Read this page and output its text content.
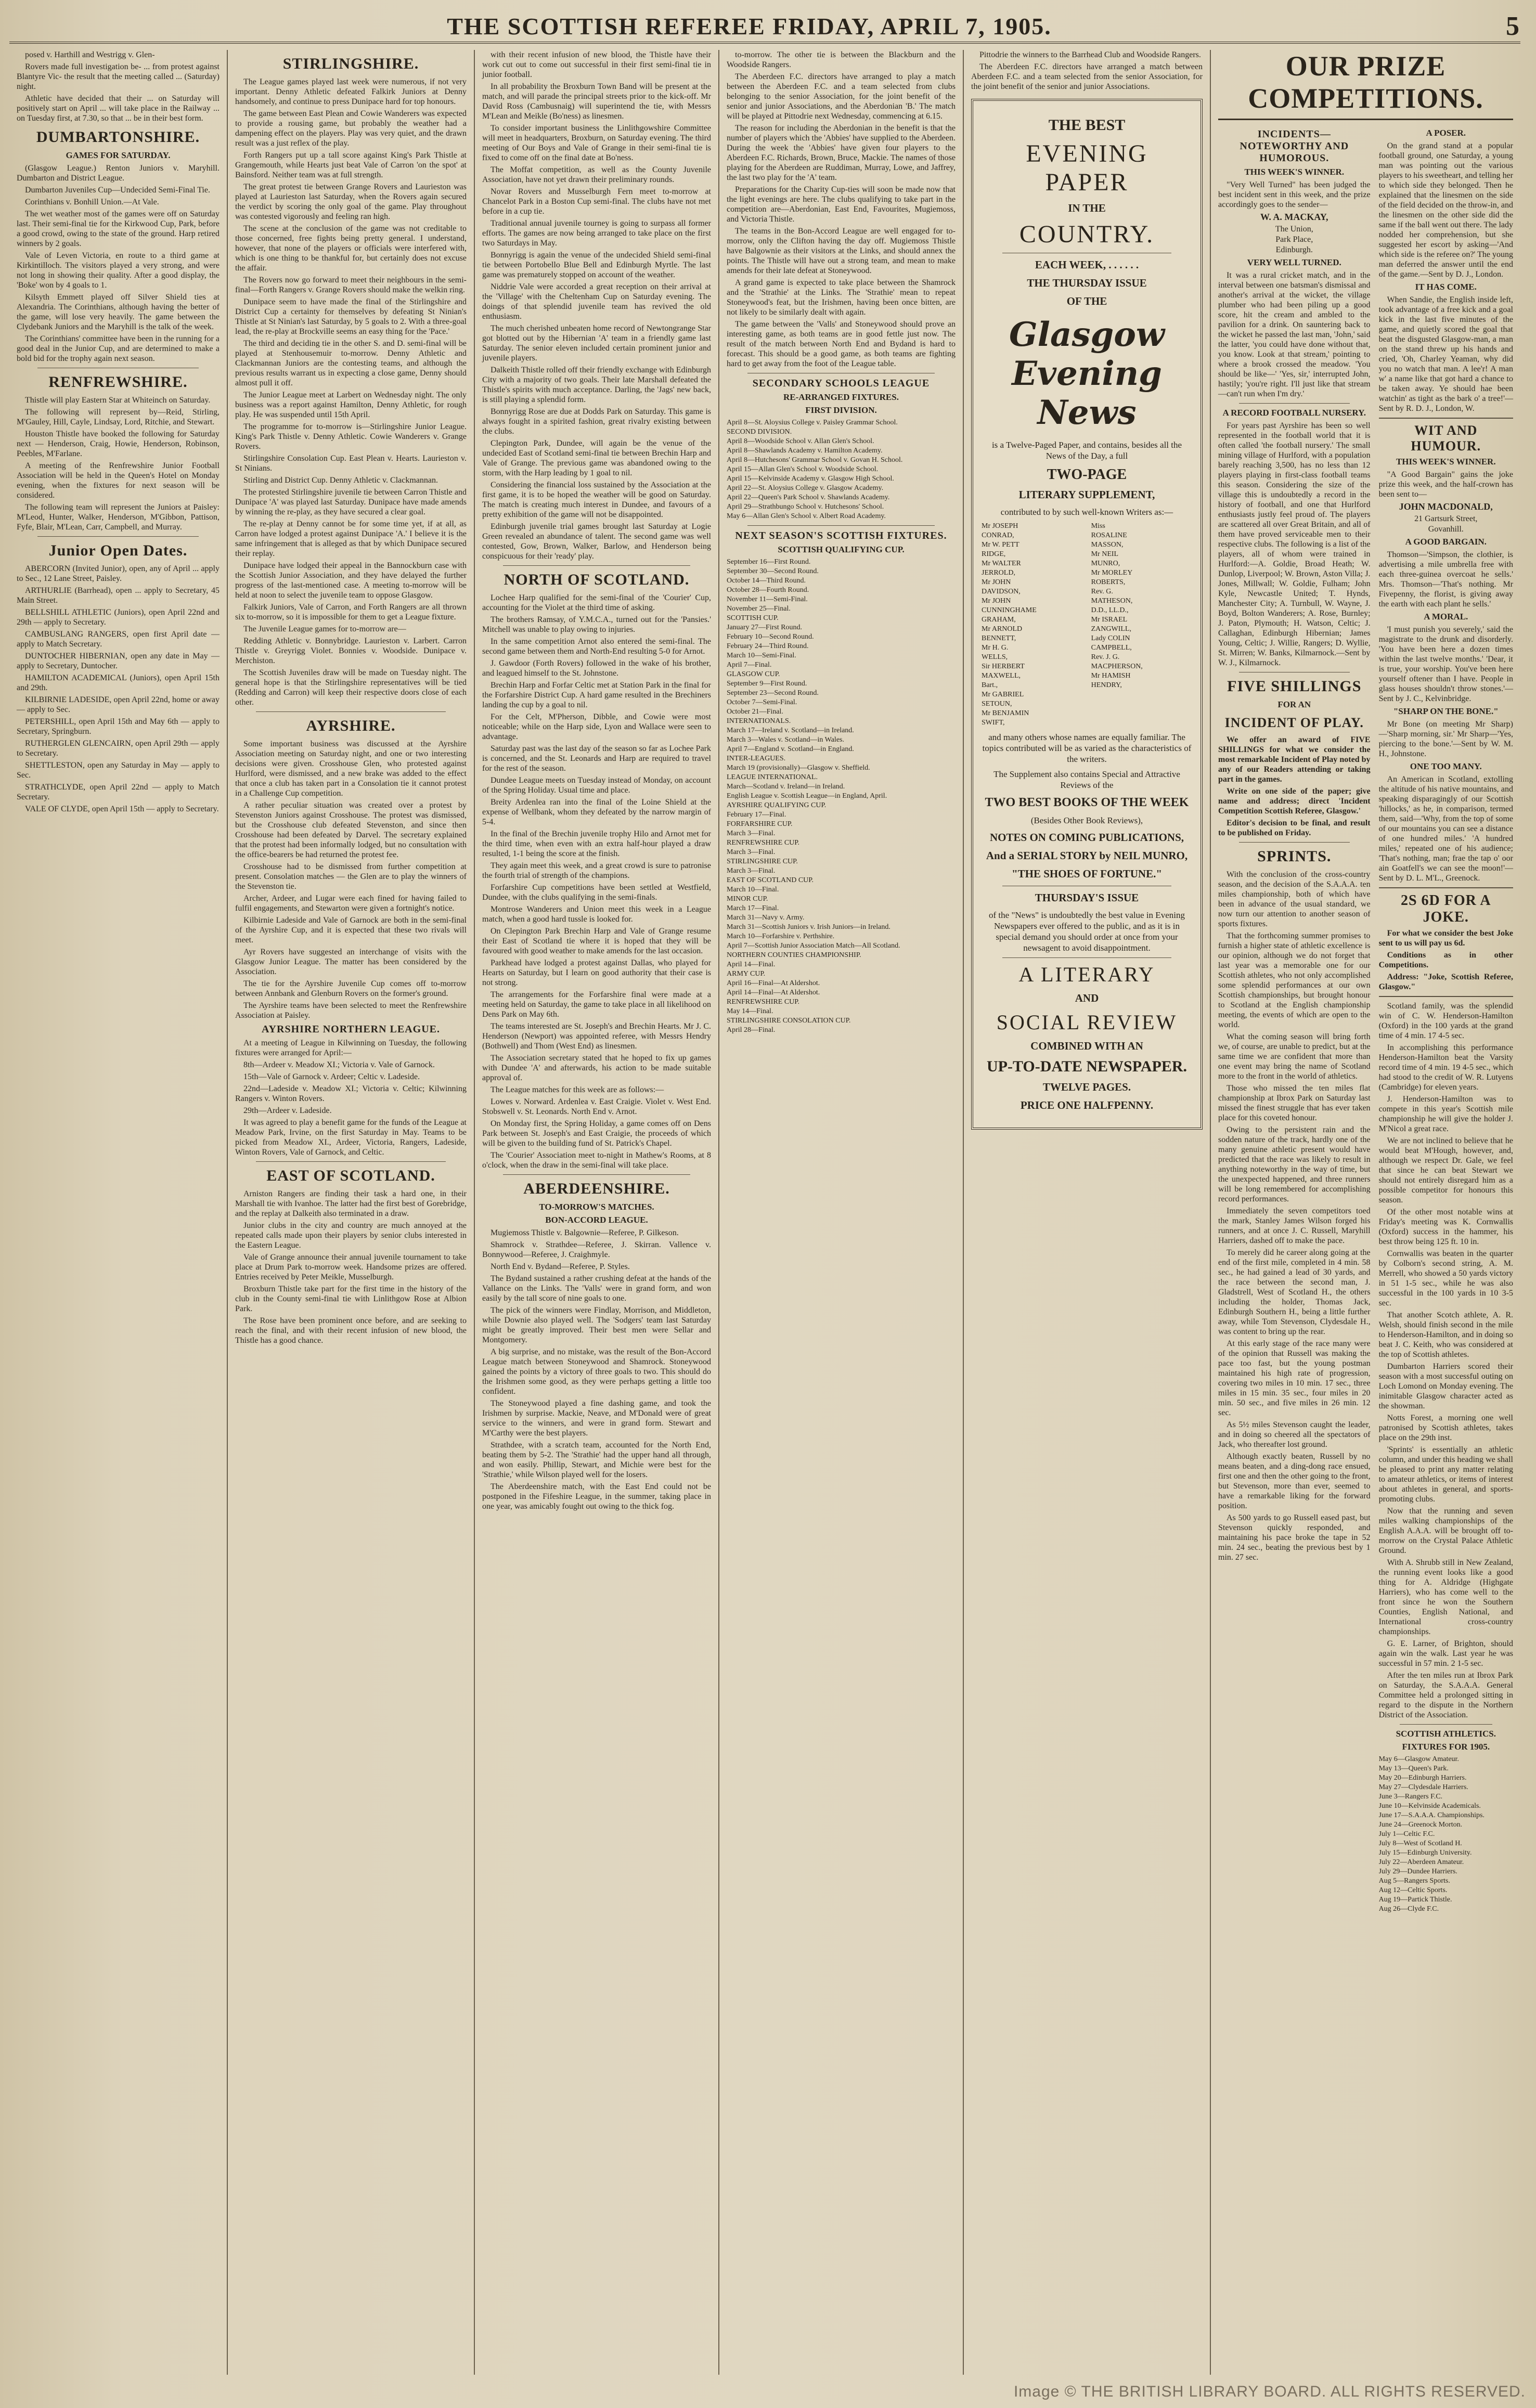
THE SCOTTISH REFEREE FRIDAY, APRIL 7, 1905.	5

posed v. Harthill and Westrigg v. Glen-

Rovers made full investigation be- ... from protest against Blantyre Vic- the result that the meeting called ... (Saturday) night.

Athletic have decided that their ... on Saturday will positively start on April ... will take place in the Railway ... on Tuesday first, at 7.30, so that ... be in their best form.

DUMBARTONSHIRE.
GAMES FOR SATURDAY.

(Glasgow League.) Renton Juniors v. Maryhill. Dumbarton and District League.

Dumbarton Juveniles Cup—Undecided Semi-Final Tie.

Corinthians v. Bonhill Union.—At Vale.

The wet weather most of the games were off on Saturday last. Their semi-final tie for the Kirkwood Cup, Park, before a good crowd, owing to the state of the ground. Harp retired winners by 2 goals.

Vale of Leven Victoria, en route to a third game at Kirkintilloch. The visitors played a very strong, and were not long in showing their quality. After a good display, the 'Boke' won by 4 goals to 1.

Kilsyth Emmett played off Silver Shield ties at Alexandria. The Corinthians, although having the better of the game, will lose very heavily. The game between the Clydebank Juniors and the Maryhill is the talk of the week.

The Corinthians' committee have been in the running for a good deal in the Junior Cup, and are determined to make a bold bid for the trophy again next season.

RENFREWSHIRE.

Thistle will play Eastern Star at Whiteinch on Saturday.

The following will represent by—Reid, Stirling, M'Gauley, Hill, Cayle, Lindsay, Lord, Ritchie, and Stewart.

Houston Thistle have booked the following for Saturday next — Henderson, Craig, Howie, Henderson, Robinson, Peebles, M'Farlane.

A meeting of the Renfrewshire Junior Football Association will be held in the Queen's Hotel on Monday evening, when the fixtures for next season will be considered.

The following team will represent the Juniors at Paisley: M'Leod, Hunter, Walker, Henderson, M'Gibbon, Pattison, Fyfe, Blair, M'Lean, Carr, Campbell, and Murray.

Junior Open Dates.

ABERCORN (Invited Junior), open, any of April ... apply to Sec., 12 Lane Street, Paisley.

ARTHURLIE (Barrhead), open ... apply to Secretary, 45 Main Street.

BELLSHILL ATHLETIC (Juniors), open April 22nd and 29th — apply to Secretary.

CAMBUSLANG RANGERS, open first April date — apply to Match Secretary.

DUNTOCHER HIBERNIAN, open any date in May — apply to Secretary, Duntocher.

HAMILTON ACADEMICAL (Juniors), open April 15th and 29th.

KILBIRNIE LADESIDE, open April 22nd, home or away — apply to Sec.

PETERSHILL, open April 15th and May 6th — apply to Secretary, Springburn.

RUTHERGLEN GLENCAIRN, open April 29th — apply to Secretary.

SHETTLESTON, open any Saturday in May — apply to Sec.

STRATHCLYDE, open April 22nd — apply to Match Secretary.

VALE OF CLYDE, open April 15th — apply to Secretary.

STIRLINGSHIRE.

The League games played last week were numerous, if not very important. Denny Athletic defeated Falkirk Juniors at Denny handsomely, and continue to press Dunipace hard for top honours.

The game between East Plean and Cowie Wanderers was expected to provide a rousing game, but probably the weather had a dampening effect on the players. Play was very quiet, and the drawn result was a just reflex of the play.

Forth Rangers put up a tall score against King's Park Thistle at Grangemouth, while Hearts just beat Vale of Carron 'on the spot' at Bainsford. Neither team was at full strength.

The great protest tie between Grange Rovers and Laurieston was played at Laurieston last Saturday, when the Rovers again secured the verdict by scoring the only goal of the game. Play throughout was contested vigorously and feeling ran high.

The scene at the conclusion of the game was not creditable to those concerned, free fights being pretty general. I understand, however, that none of the players or officials were interfered with, which is one thing to be thankful for, but certainly does not excuse the affair.

The Rovers now go forward to meet their neighbours in the semi-final—Forth Rangers v. Grange Rovers should make the welkin ring.

Dunipace seem to have made the final of the Stirlingshire and District Cup a certainty for themselves by defeating St Ninian's Thistle at St Ninian's last Saturday, by 5 goals to 2. With a three-goal lead, the re-play at Brockville seems an easy thing for the 'Pace.'

The third and deciding tie in the other S. and D. semi-final will be played at Stenhousemuir to-morrow. Denny Athletic and Clackmannan Juniors are the contesting teams, and although the previous results warrant us in expecting a close game, Denny should almost pull it off.

The Junior League meet at Larbert on Wednesday night. The only business was a report against Hamilton, Denny Athletic, for rough play. He was suspended until 15th April.

The programme for to-morrow is—Stirlingshire Junior League. King's Park Thistle v. Denny Athletic. Cowie Wanderers v. Grange Rovers.

Stirlingshire Consolation Cup. East Plean v. Hearts. Laurieston v. St Ninians.

Stirling and District Cup. Denny Athletic v. Clackmannan.

The protested Stirlingshire juvenile tie between Carron Thistle and Dunipace 'A' was played last Saturday. Dunipace have made amends by winning the re-play, as they have secured a clear goal.

The re-play at Denny cannot be for some time yet, if at all, as Carron have lodged a protest against Dunipace 'A.' I believe it is the same infringement that is alleged as that by which Dunipace secured their replay.

Dunipace have lodged their appeal in the Bannockburn case with the Scottish Junior Association, and they have delayed the further progress of the last-mentioned case. A meeting to-morrow will be held at noon to select the juvenile team to oppose Glasgow.

Falkirk Juniors, Vale of Carron, and Forth Rangers are all thrown six to-morrow, so it is impossible for them to get a League fixture.

The Juvenile League games for to-morrow are—

Redding Athletic v. Bonnybridge. Laurieston v. Larbert. Carron Thistle v. Greyrigg Violet. Bonnies v. Woodside. Dunipace v. Merchiston.

The Scottish Juveniles draw will be made on Tuesday night. The general hope is that the Stirlingshire representatives will be tied (Redding and Carron) will keep their respective doors close of each other.

AYRSHIRE.

Some important business was discussed at the Ayrshire Association meeting on Saturday night, and one or two interesting decisions were given. Crosshouse Glen, who protested against Hurlford, were dismissed, and a new brake was added to the effect that once a club has taken part in a Consolation tie it cannot protest in a Challenge Cup competition.

A rather peculiar situation was created over a protest by Stevenston Juniors against Crosshouse. The protest was dismissed, but the Crosshouse club defeated Stevenston, and since then Crosshouse had been defeated by Darvel. The secretary explained that the protest had been informally lodged, but no consultation with the office-bearers be had returned the protest fee.

Crosshouse had to be dismissed from further competition at present. Consolation matches — the Glen are to play the winners of the Stevenston tie.

Archer, Ardeer, and Lugar were each fined for having failed to fulfil engagements, and Stewarton were given a fortnight's notice.

Kilbirnie Ladeside and Vale of Garnock are both in the semi-final of the Ayrshire Cup, and it is expected that these two rivals will meet.

Ayr Rovers have suggested an interchange of visits with the Glasgow Junior League. The matter has been considered by the Association.

The tie for the Ayrshire Juvenile Cup comes off to-morrow between Annbank and Glenburn Rovers on the former's ground.

The Ayrshire teams have been selected to meet the Renfrewshire Association at Paisley.

AYRSHIRE NORTHERN LEAGUE.

At a meeting of League in Kilwinning on Tuesday, the following fixtures were arranged for April:—

8th—Ardeer v. Meadow XI.; Victoria v. Vale of Garnock.

15th—Vale of Garnock v. Ardeer; Celtic v. Ladeside.

22nd—Ladeside v. Meadow XI.; Victoria v. Celtic; Kilwinning Rangers v. Winton Rovers.

29th—Ardeer v. Ladeside.

It was agreed to play a benefit game for the funds of the League at Meadow Park, Irvine, on the first Saturday in May. Teams to be picked from Meadow XI., Ardeer, Victoria, Rangers, Ladeside, Winton Rovers, Vale of Garnock, and Celtic.

EAST OF SCOTLAND.

Arniston Rangers are finding their task a hard one, in their Marshall tie with Ivanhoe. The latter had the first best of Gorebridge, and the replay at Dalkeith also terminated in a draw.

Junior clubs in the city and country are much annoyed at the repeated calls made upon their players by senior clubs interested in the Eastern League.

Vale of Grange announce their annual juvenile tournament to take place at Drum Park to-morrow week. Handsome prizes are offered. Entries received by Peter Meikle, Musselburgh.

Broxburn Thistle take part for the first time in the history of the club in the County semi-final tie with Linlithgow Rose at Albion Park.

The Rose have been prominent once before, and are seeking to reach the final, and with their recent infusion of new blood, the Thistle has a good chance.

with their recent infusion of new blood, the Thistle have their work cut out to come out successful in their first semi-final tie in junior football.

In all probability the Broxburn Town Band will be present at the match, and will parade the principal streets prior to the kick-off. Mr David Ross (Cambusnaig) will superintend the tie, with Messrs M'Lean and Meikle (Bo'ness) as linesmen.

To consider important business the Linlithgowshire Committee will meet in headquarters, Broxburn, on Saturday evening. The third meeting of Our Boys and Vale of Grange in their semi-final tie is fixed to come off on the final date at Bo'ness.

The Moffat competition, as well as the County Juvenile Association, have not yet drawn their preliminary rounds.

Novar Rovers and Musselburgh Fern meet to-morrow at Chancelot Park in a Boston Cup semi-final. The clubs have not met before in a cup tie.

Traditional annual juvenile tourney is going to surpass all former efforts. The games are now being arranged to take place on the first two Saturdays in May.

Bonnyrigg is again the venue of the undecided Shield semi-final tie between Portobello Blue Bell and Edinburgh Myrtle. The last game was prematurely stopped on account of the weather.

Niddrie Vale were accorded a great reception on their arrival at the 'Village' with the Cheltenham Cup on Saturday evening. The doings of that splendid juvenile team has revived the old enthusiasm.

The much cherished unbeaten home record of Newtongrange Star got blotted out by the Hibernian 'A' team in a friendly game last Saturday. The senior eleven included certain prominent junior and juvenile players.

Dalkeith Thistle rolled off their friendly exchange with Edinburgh City with a majority of two goals. Their late Marshall defeated the Thistle's spirits with much acceptance. Darling, the 'Jags' new back, is still playing a splendid form.

Bonnyrigg Rose are due at Dodds Park on Saturday. This game is always fought in a spirited fashion, great rivalry existing between the clubs.

Clepington Park, Dundee, will again be the venue of the undecided East of Scotland semi-final tie between Brechin Harp and Vale of Grange. The previous game was abandoned owing to the storm, with the Harp leading by 1 goal to nil.

Considering the financial loss sustained by the Association at the first game, it is to be hoped the weather will be good on Saturday. The match is creating much interest in Dundee, and favours of a pretty exhibition of the game will not be disappointed.

Edinburgh juvenile trial games brought last Saturday at Logie Green revealed an abundance of talent. The second game was well contested, Gow, Brown, Walker, Barlow, and Henderson being conspicuous for their 'ready' play.

NORTH OF SCOTLAND.

Lochee Harp qualified for the semi-final of the 'Courier' Cup, accounting for the Violet at the third time of asking.

The brothers Ramsay, of Y.M.C.A., turned out for the 'Pansies.' Mitchell was unable to play owing to injuries.

In the same competition Arnot also entered the semi-final. The second game between them and North-End resulting 5-0 for Arnot.

J. Gawdoor (Forth Rovers) followed in the wake of his brother, and leagued himself to the St. Johnstone.

Brechin Harp and Forfar Celtic met at Station Park in the final for the Forfarshire District Cup. A hard game resulted in the Brechiners landing the cup by a goal to nil.

For the Celt, M'Pherson, Dibble, and Cowie were most noticeable; while on the Harp side, Lyon and Wallace were seen to advantage.

Saturday past was the last day of the season so far as Lochee Park is concerned, and the St. Leonards and Harp are required to travel for the rest of the season.

Dundee League meets on Tuesday instead of Monday, on account of the Spring Holiday. Usual time and place.

Breity Ardenlea ran into the final of the Loine Shield at the expense of Wellbank, whom they defeated by the narrow margin of 5-4.

In the final of the Brechin juvenile trophy Hilo and Arnot met for the third time, when even with an extra half-hour played a draw resulted, 1-1 being the score at the finish.

They again meet this week, and a great crowd is sure to patronise the fourth trial of strength of the champions.

Forfarshire Cup competitions have been settled at Westfield, Dundee, with the clubs qualifying in the semi-finals.

Montrose Wanderers and Union meet this week in a League match, when a good hard tussle is looked for.

On Clepington Park Brechin Harp and Vale of Grange resume their East of Scotland tie where it is hoped that they will be favoured with good weather to make amends for the last occasion.

Parkhead have lodged a protest against Dallas, who played for Hearts on Saturday, but I learn on good authority that their case is not strong.

The arrangements for the Forfarshire final were made at a meeting held on Saturday, the game to take place in all likelihood on Dens Park on May 6th.

The teams interested are St. Joseph's and Brechin Hearts. Mr J. C. Henderson (Newport) was appointed referee, with Messrs Hendry (Bothwell) and Thom (West End) as linesmen.

The Association secretary stated that he hoped to fix up games with Dundee 'A' and afterwards, his action to be made suitable approval of.

The League matches for this week are as follows:—

Lowes v. Norward. Ardenlea v. East Craigie. Violet v. West End. Stobswell v. St. Leonards. North End v. Arnot.

On Monday first, the Spring Holiday, a game comes off on Dens Park between St. Joseph's and East Craigie, the proceeds of which will be given to the building fund of St. Patrick's Chapel.

The 'Courier' Association meet to-night in Mathew's Rooms, at 8 o'clock, when the draw in the semi-final will take place.

ABERDEENSHIRE.
TO-MORROW'S MATCHES.
BON-ACCORD LEAGUE.

Mugiemoss Thistle v. Balgownie—Referee, P. Gilkeson.

Shamrock v. Strathdee—Referee, J. Skirran. Vallence v. Bonnywood—Referee, J. Craighmyle.

North End v. Bydand—Referee, P. Styles.

The Bydand sustained a rather crushing defeat at the hands of the Vallance on the Links. The 'Valls' were in grand form, and won easily by the tall score of nine goals to one.

The pick of the winners were Findlay, Morrison, and Middleton, while Downie also played well. The 'Sodgers' team last Saturday might be greatly improved. Their best men were Sellar and Montgomery.

A big surprise, and no mistake, was the result of the Bon-Accord League match between Stoneywood and Shamrock. Stoneywood gained the points by a victory of three goals to two. This should do the Irishmen some good, as they were perhaps getting a little too confident.

The Stoneywood played a fine dashing game, and took the Irishmen by surprise. Mackie, Neave, and M'Donald were of great service to the winners, and were in grand form. Stewart and M'Carthy were the best players.

Strathdee, with a scratch team, accounted for the North End, beating them by 5-2. The 'Strathie' had the upper hand all through, and won easily. Phillip, Stewart, and Michie were best for the 'Strathie,' while Wilson played well for the losers.

The Aberdeenshire match, with the East End could not be postponed in the Fifeshire League, in the summer, taking place in one year, was amicably fought out owing to the thick fog.

to-morrow. The other tie is between the Blackburn and the Woodside Rangers.

The Aberdeen F.C. directors have arranged to play a match between the Aberdeen F.C. and a team selected from clubs belonging to the senior Association, for the joint benefit of the senior and junior Associations, and the Aberdonian 'B.' The match will be played at Pittodrie next Wednesday, commencing at 6.15.

The reason for including the Aberdonian in the benefit is that the number of players which the 'Abbies' have supplied to the Aberdeen. During the week the 'Abbies' have given four players to the Aberdeen F.C. Richards, Brown, Bruce, Mackie. The names of those playing for the Aberdeen are Ruddiman, Murray, Lowe, and Jaffrey, the last two play for the 'A' team.

Preparations for the Charity Cup-ties will soon be made now that the light evenings are here. The clubs qualifying to take part in the competition are—Aberdonian, East End, Favourites, Mugiemoss, and Victoria Thistle.

The teams in the Bon-Accord League are well engaged for to-morrow, only the Clifton having the day off. Mugiemoss Thistle have Balgownie as their visitors at the Links, and should annex the points. The Thistle will have out a strong team, and mean to make amends for their late defeat at Stoneywood.

A grand game is expected to take place between the Shamrock and the 'Strathie' at the Links. The 'Strathie' mean to repeat Stoneywood's feat, but the Irishmen, having been once bitten, are not likely to be similarly dealt with again.

The game between the 'Valls' and Stoneywood should prove an interesting game, as both teams are in good fettle just now. The result of the match between North End and Bydand is hard to forecast. This should be a good game, as both teams are fighting hard to get away from the foot of the League table.

SECONDARY SCHOOLS LEAGUE
RE-ARRANGED FIXTURES.
FIRST DIVISION.
April 8—St. Aloysius College v. Paisley Grammar School.
SECOND DIVISION.
April 8—Woodside School v. Allan Glen's School.
April 8—Shawlands Academy v. Hamilton Academy.
April 8—Hutchesons' Grammar School v. Govan H. School.
April 15—Allan Glen's School v. Woodside School.
April 15—Kelvinside Academy v. Glasgow High School.
April 22—St. Aloysius College v. Glasgow Academy.
April 22—Queen's Park School v. Shawlands Academy.
April 29—Strathbungo School v. Hutchesons' School.
May 6—Allan Glen's School v. Albert Road Academy.
NEXT SEASON'S SCOTTISH FIXTURES.
SCOTTISH QUALIFYING CUP.
September 16—First Round.
September 30—Second Round.
October 14—Third Round.
October 28—Fourth Round.
November 11—Semi-Final.
November 25—Final.
SCOTTISH CUP.
January 27—First Round.
February 10—Second Round.
February 24—Third Round.
March 10—Semi-Final.
April 7—Final.
GLASGOW CUP.
September 9—First Round.
September 23—Second Round.
October 7—Semi-Final.
October 21—Final.
INTERNATIONALS.
March 17—Ireland v. Scotland—in Ireland.
March 3—Wales v. Scotland—in Wales.
April 7—England v. Scotland—in England.
INTER-LEAGUES.
March 19 (provisionally)—Glasgow v. Sheffield.
LEAGUE INTERNATIONAL.
March—Scotland v. Ireland—in Ireland.
English League v. Scottish League—in England, April.
AYRSHIRE QUALIFYING CUP.
February 17—Final.
FORFARSHIRE CUP.
March 3—Final.
RENFREWSHIRE CUP.
March 3—Final.
STIRLINGSHIRE CUP.
March 3—Final.
EAST OF SCOTLAND CUP.
March 10—Final.
MINOR CUP.
March 17—Final.
March 31—Navy v. Army.
March 31—Scottish Juniors v. Irish Juniors—in Ireland.
March 10—Forfarshire v. Perthshire.
April 7—Scottish Junior Association Match—All Scotland.
NORTHERN COUNTIES CHAMPIONSHIP.
April 14—Final.
ARMY CUP.
April 16—Final—At Aldershot.
April 14—Final—At Aldershot.
RENFREWSHIRE CUP.
May 14—Final.
STIRLINGSHIRE CONSOLATION CUP.
April 28—Final.

Pittodrie the winners to the Barrhead Club and Woodside Rangers.

The Aberdeen F.C. directors have arranged a match between Aberdeen F.C. and a team selected from the senior Association, for the joint benefit of the senior and junior Associations.

THE BEST
EVENING PAPER
IN THE
COUNTRY.
EACH WEEK, . . . . . .
THE THURSDAY ISSUE
OF THE
Glasgow Evening News
is a Twelve-Paged Paper, and contains, besides all the News of the Day, a full
TWO-PAGE
LITERARY SUPPLEMENT,
contributed to by such well-known Writers as:—
Mr JOSEPH CONRAD,
Mr W. PETT RIDGE,
Mr WALTER JERROLD,
Mr JOHN DAVIDSON,
Mr JOHN CUNNINGHAME GRAHAM,
Mr ARNOLD BENNETT,
Mr H. G. WELLS,
Sir HERBERT MAXWELL, Bart.,
Mr GABRIEL SETOUN,
Mr BENJAMIN SWIFT,
Miss ROSALINE MASSON,
Mr NEIL MUNRO,
Mr MORLEY ROBERTS,
Rev. G. MATHESON, D.D., LL.D.,
Mr ISRAEL ZANGWILL,
Lady COLIN CAMPBELL,
Rev. J. G. MACPHERSON,
Mr HAMISH HENDRY,
and many others whose names are equally familiar. The topics contributed will be as varied as the characteristics of the writers.
The Supplement also contains Special and Attractive Reviews of the
TWO BEST BOOKS OF THE WEEK
(Besides Other Book Reviews),
NOTES ON COMING PUBLICATIONS,
And a SERIAL STORY by NEIL MUNRO,
"THE SHOES OF FORTUNE."
THURSDAY'S ISSUE
of the "News" is undoubtedly the best value in Evening Newspapers ever offered to the public, and as it is in special demand you should order at once from your newsagent to avoid disappointment.
A LITERARY
AND
SOCIAL REVIEW
COMBINED WITH AN
UP-TO-DATE NEWSPAPER.
TWELVE PAGES.
PRICE ONE HALFPENNY.
OUR PRIZE COMPETITIONS.
INCIDENTS—NOTEWORTHY AND HUMOROUS.
THIS WEEK'S WINNER.

"Very Well Turned" has been judged the best incident sent in this week, and the prize accordingly goes to the sender—

W. A. MACKAY,
The Union,
Park Place,
Edinburgh.
VERY WELL TURNED.

It was a rural cricket match, and in the interval between one batsman's dismissal and another's arrival at the wicket, the village plumber who had been piling up a good score, hit the cream and ambled to the pavilion for a drink. On sauntering back to the wicket he passed the last man, 'John,' said the latter, 'you could have done without that, you know. Look at that stream,' pointing to where a brook crossed the meadow. 'You should be like—' 'Yes, sir,' interrupted John, hastily; 'you're right. I'll just like that stream—can't run when I'm dry.'

A RECORD FOOTBALL NURSERY.

For years past Ayrshire has been so well represented in the football world that it is often called 'the football nursery.' The small mining village of Hurlford, with a population barely reaching 3,500, has no less than 12 players playing in first-class football teams this season. Considering the size of the village this is undoubtedly a record in the history of football, and one that Hurlford enthusiasts justly feel proud of. The players are scattered all over Great Britain, and all of them have proved serviceable men to their respective clubs. The following is a list of the players, all of whom were trained in Hurlford:—A. Goldie, Broad Heath; W. Dunlop, Liverpool; W. Brown, Aston Villa; J. Jones, Millwall; W. Goldie, Fulham; John Kyle, Newcastle United; T. Hynds, Manchester City; A. Turnbull, W. Wayne, J. Boyd, Bolton Wanderers; A. Rose, Burnley; J. Paton, Plymouth; H. Watson, Celtic; J. Callaghan, Edinburgh Hibernian; James Young, Celtic; J. Willie, Rangers; D. Wyllie, St. Mirren; W. Banks, Kilmarnock.—Sent by W. J., Kilmarnock.

FIVE SHILLINGS
FOR AN
INCIDENT OF PLAY.

We offer an award of FIVE SHILLINGS for what we consider the most remarkable Incident of Play noted by any of our Readers attending or taking part in the games.

Write on one side of the paper; give name and address; direct 'Incident Competition Scottish Referee, Glasgow.'

Editor's decision to be final, and result to be published on Friday.

SPRINTS.

With the conclusion of the cross-country season, and the decision of the S.A.A.A. ten miles championship, both of which have been in advance of the usual standard, we now turn our attention to another season of sports fixtures.

That the forthcoming summer promises to furnish a higher state of athletic excellence is our opinion, although we do not forget that last year was a memorable one for our Scottish athletes, who not only accomplished some splendid performances at our own Scottish championships, but brought honour to Scotland at the English championship meeting, the events of which are open to the world.

What the coming season will bring forth we, of course, are unable to predict, but at the same time we are confident that more than one event may bring the name of Scotland more to the front in the world of athletics.

Those who missed the ten miles flat championship at Ibrox Park on Saturday last missed the finest struggle that has ever taken place for this coveted honour.

Owing to the persistent rain and the sodden nature of the track, hardly one of the many genuine athletic present would have predicted that the race was likely to result in anything noteworthy in the way of time, but the unexpected happened, and three runners will be long remembered for accomplishing record performances.

Immediately the seven competitors toed the mark, Stanley James Wilson forged his runners, and at once J. C. Russell, Maryhill Harriers, dashed off to make the pace.

To merely did he career along going at the end of the first mile, completed in 4 min. 58 sec., he had gained a lead of 30 yards, and the race between the second man, J. Gladstrell, West of Scotland H., the others including the holder, Thomas Jack, Edinburgh Southern H., being a little further away, while Tom Stevenson, Clydesdale H., was content to bring up the rear.

At this early stage of the race many were of the opinion that Russell was making the pace too fast, but the young postman maintained his high rate of progression, covering two miles in 10 min. 17 sec., three miles in 15 min. 35 sec., four miles in 20 min. 50 sec., and five miles in 26 min. 12 sec.

As 5½ miles Stevenson caught the leader, and in doing so cheered all the spectators of Jack, who thereafter lost ground.

Although exactly beaten, Russell by no means beaten, and a ding-dong race ensued, first one and then the other going to the front, but Stevenson, more than ever, seemed to have a remarkable liking for the forward position.

As 500 yards to go Russell eased past, but Stevenson quickly responded, and maintaining his pace broke the tape in 52 min. 24 sec., beating the previous best by 1 min. 27 sec.

A POSER.

On the grand stand at a popular football ground, one Saturday, a young man was pointing out the various players to his sweetheart, and telling her to which side they belonged. Then he explained that the linesmen on the side of the field decided on the throw-in, and the linesmen on the other side did the same if the ball went out there. The lady nodded her comprehension, but she suggested her escort by asking—'And which side is the referee on?' The young man deferred the answer until the end of the game.—Sent by D. J., London.

IT HAS COME.

When Sandie, the English inside left, took advantage of a free kick and a goal kick in the last five minutes of the game, and quietly scored the goal that beat the disgusted Glasgow-man, a man on the stand threw up his hands and cried, 'Oh, Charley Yeaman, why did you no watch that man. A lee'r! A man w' a name like that got hard a chance to be taken away. Ye should hae been watchin' as tight as the bark o' a tree!'—Sent by R. D. J., London, W.

WIT AND HUMOUR.
THIS WEEK'S WINNER.

"A Good Bargain" gains the joke prize this week, and the half-crown has been sent to—

JOHN MACDONALD,
21 Gartsurk Street,
Govanhill.
A GOOD BARGAIN.

Thomson—'Simpson, the clothier, is advertising a mile umbrella free with each three-guinea overcoat he sells.' Mrs. Thomson—'That's nothing. Mr Fivepenny, the florist, is giving away the earth with each plant he sells.'

A MORAL.

'I must punish you severely,' said the magistrate to the drunk and disorderly. 'You have been here a dozen times within the last twelve months.' 'Dear, it is true, your worship. You've been here yourself oftener than I have. People in glass houses shouldn't throw stones.'—Sent by J. C., Kelvinbridge.

"SHARP ON THE BONE."

Mr Bone (on meeting Mr Sharp)—'Sharp morning, sir.' Mr Sharp—'Yes, piercing to the bone.'—Sent by W. M. H., Johnstone.

ONE TOO MANY.

An American in Scotland, extolling the altitude of his native mountains, and speaking disparagingly of our Scottish 'hillocks,' as he, in comparison, termed them, said—'Why, from the top of some of our mountains you can see a distance of one hundred miles.' 'A hundred miles,' repeated one of his audience; 'That's nothing, man; frae the tap o' oor ain Goatfell's we can see the moon!'—Sent by D. L. M'L., Greenock.

2S 6D FOR A JOKE.

For what we consider the best Joke sent to us will pay us 6d.

Conditions as in other Competitions.

Address: "Joke, Scottish Referee, Glasgow."

Scotland family, was the splendid win of C. W. Henderson-Hamilton (Oxford) in the 100 yards at the grand time of 4 min. 17 4-5 sec.

In accomplishing this performance Henderson-Hamilton beat the Varsity record time of 4 min. 19 4-5 sec., which had stood to the credit of W. R. Lutyens (Cambridge) for eleven years.

J. Henderson-Hamilton was to compete in this year's Scottish mile championship he will give the holder J. M'Nicol a great race.

We are not inclined to believe that he would beat M'Hough, however, and, although we respect Dr. Gale, we feel that since he can beat Stewart we should not entirely disregard him as a possible competitor for honours this season.

Of the other most notable wins at Friday's meeting was K. Cornwallis (Oxford) success in the hammer, his best throw being 125 ft. 10 in.

Cornwallis was beaten in the quarter by Colborn's second string, A. M. Merrell, who showed a 50 yards victory in 51 1-5 sec., while he was also successful in the 100 yards in 10 3-5 sec.

That another Scotch athlete, A. R. Welsh, should finish second in the mile to Henderson-Hamilton, and in doing so beat J. C. Keith, who was considered at the top of Scottish athletes.

Dumbarton Harriers scored their season with a most successful outing on Loch Lomond on Monday evening. The inimitable Glasgow character acted as the showman.

Notts Forest, a morning one well patronised by Scottish athletes, takes place on the 29th inst.

'Sprints' is essentially an athletic column, and under this heading we shall be pleased to print any matter relating to amateur athletics, or items of interest about athletes in general, and sports-promoting clubs.

Now that the running and seven miles walking championships of the English A.A.A. will be brought off to-morrow on the Crystal Palace Athletic Ground.

With A. Shrubb still in New Zealand, the running event looks like a good thing for A. Aldridge (Highgate Harriers), who has come well to the front since he won the Southern Counties, English National, and International cross-country championships.

G. E. Larner, of Brighton, should again win the walk. Last year he was successful in 57 min. 2 1-5 sec.

After the ten miles run at Ibrox Park on Saturday, the S.A.A.A. General Committee held a prolonged sitting in regard to the dispute in the Northern District of the Association.

SCOTTISH ATHLETICS.
FIXTURES FOR 1905.
May 6—Glasgow Amateur.
May 13—Queen's Park.
May 20—Edinburgh Harriers.
May 27—Clydesdale Harriers.
June 3—Rangers F.C.
June 10—Kelvinside Academicals.
June 17—S.A.A.A. Championships.
June 24—Greenock Morton.
July 1—Celtic F.C.
July 8—West of Scotland H.
July 15—Edinburgh University.
July 22—Aberdeen Amateur.
July 29—Dundee Harriers.
Aug 5—Rangers Sports.
Aug 12—Celtic Sports.
Aug 19—Partick Thistle.
Aug 26—Clyde F.C.
Image © THE BRITISH LIBRARY BOARD. ALL RIGHTS RESERVED.
